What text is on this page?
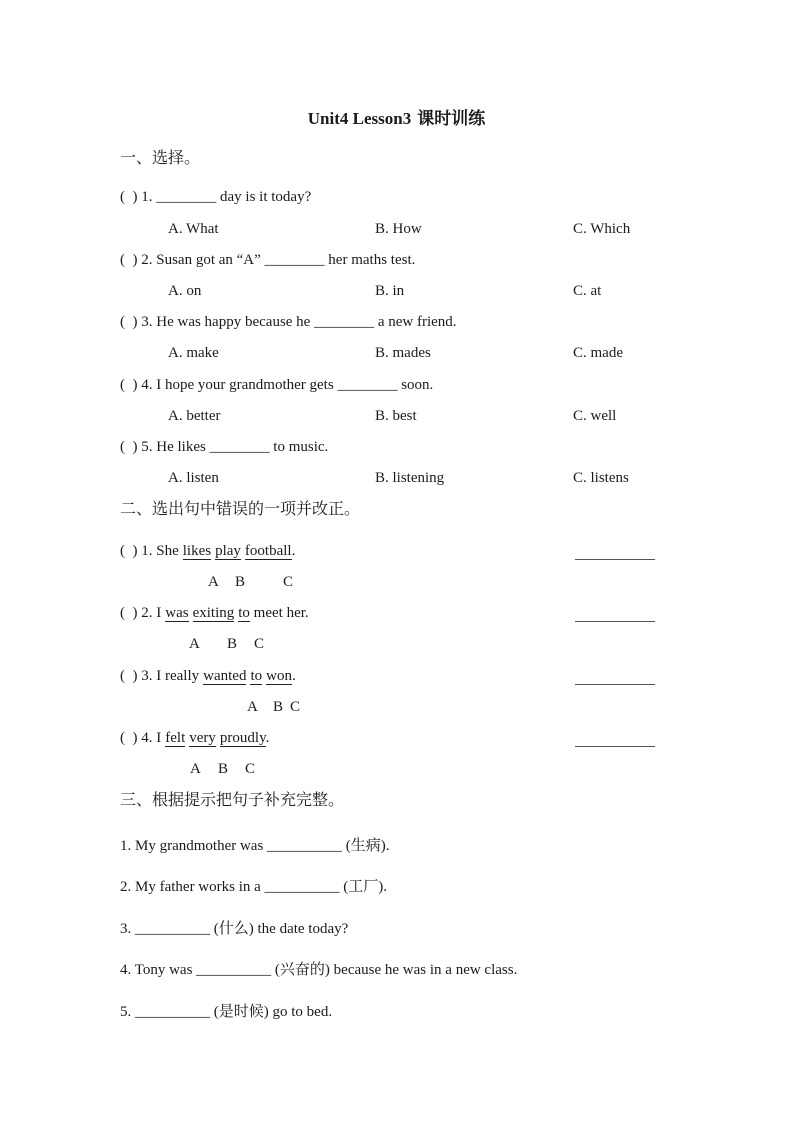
Unit4 Lesson3 课时训练
一、选择。
(  ) 1. ________ day is it today?

A. What

	B. How

	C. Which

(  ) 2. Susan got an “A” ________ her maths test.

A. on

	B. in

	C. at

(  ) 3. He was happy because he ________ a new friend.

A. make

	B. mades

	C. made

(  ) 4. I hope your grandmother gets ________ soon.

A. better

	B. best

	C. well

(  ) 5. He likes ________ to music.

A. listen

	B. listening

	C. listens

二、选出句中错误的一项并改正。
(  ) 1. She likes play football.

A

B

	C

(  ) 2. I was exiting to meet her.

A

B

C

(  ) 3. I really wanted to won.

A

B

C

(  ) 4. I felt very proudly.

A

B

C

三、根据提示把句子补充完整。
1. My grandmother was __________ (生病).
2. My father works in a __________ (工厂).
3. __________ (什么) the date today?
4. Tony was __________ (兴奋的) because he was in a new class.
5. __________ (是时候) go to bed.
